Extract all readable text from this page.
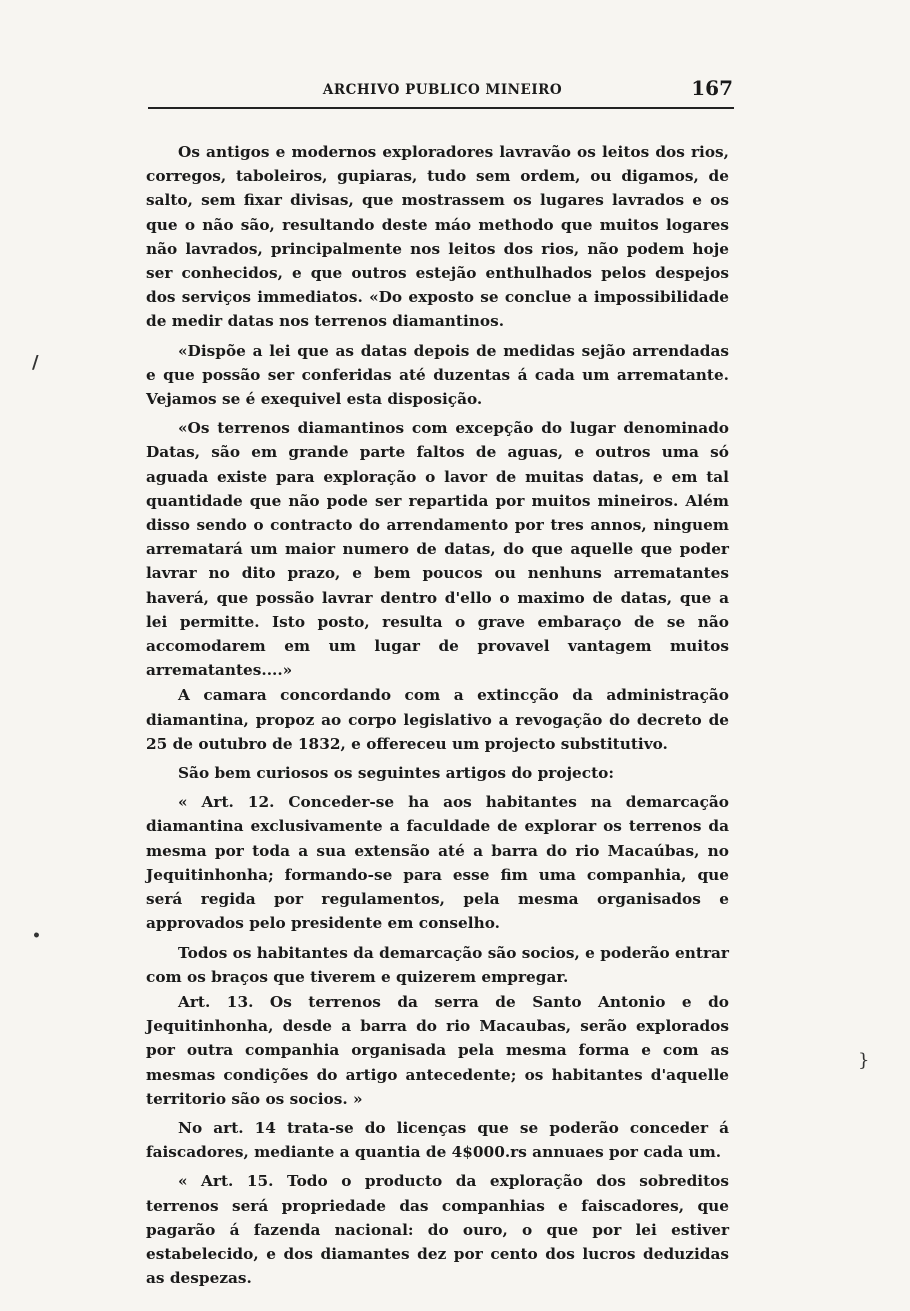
ARCHIVO PUBLICO MINEIRO	167
/
•
}

Os antigos e modernos exploradores lavravão os leitos dos rios, corregos, taboleiros, gupiaras, tudo sem ordem, ou digamos, de salto, sem fixar divisas, que mostrassem os lugares lavrados e os que o não são, resultando deste máo methodo que muitos logares não lavrados, principalmente nos leitos dos rios, não podem hoje ser conhecidos, e que outros estejão enthulhados pelos despejos dos serviços immediatos. «Do exposto se conclue a impossibilidade de medir datas nos terrenos diamantinos.

«Dispõe a lei que as datas depois de medidas sejão arrendadas e que possão ser conferidas até duzentas á cada um arrematante. Vejamos se é exequivel esta disposição.

«Os terrenos diamantinos com excepção do lugar denominado Datas, são em grande parte faltos de aguas, e outros uma só aguada existe para exploração o lavor de muitas datas, e em tal quantidade que não pode ser repartida por muitos mineiros. Além disso sendo o contracto do arrendamento por tres annos, ninguem arrematará um maior numero de datas, do que aquelle que poder lavrar no dito prazo, e bem poucos ou nenhuns arrematantes haverá, que possão lavrar dentro d'ello o maximo de datas, que a lei permitte. Isto posto, resulta o grave embaraço de se não accomodarem em um lugar de provavel vantagem muitos arrematantes....»

A camara concordando com a extincção da administração diamantina, propoz ao corpo legislativo a revogação do decreto de 25 de outubro de 1832, e offereceu um projecto substitutivo.

São bem curiosos os seguintes artigos do projecto:

« Art. 12. Conceder-se ha aos habitantes na demarcação diamantina exclusivamente a faculdade de explorar os terrenos da mesma por toda a sua extensão até a barra do rio Macaúbas, no Jequitinhonha; formando-se para esse fim uma companhia, que será regida por regulamentos, pela mesma organisados e approvados pelo presidente em conselho.

Todos os habitantes da demarcação são socios, e poderão entrar com os braços que tiverem e quizerem empregar.

Art. 13. Os terrenos da serra de Santo Antonio e do Jequitinhonha, desde a barra do rio Macaubas, serão explorados por outra companhia organisada pela mesma forma e com as mesmas condições do artigo antecedente; os habitantes d'aquelle territorio são os socios. »

No art. 14 trata-se do licenças que se poderão conceder á faiscadores, mediante a quantia de 4$000.rs annuaes por cada um.

« Art. 15. Todo o producto da exploração dos sobreditos terrenos será propriedade das companhias e faiscadores, que pagarão á fazenda nacional: do ouro, o que por lei estiver estabelecido, e dos diamantes dez por cento dos lucros deduzidas as despezas.
